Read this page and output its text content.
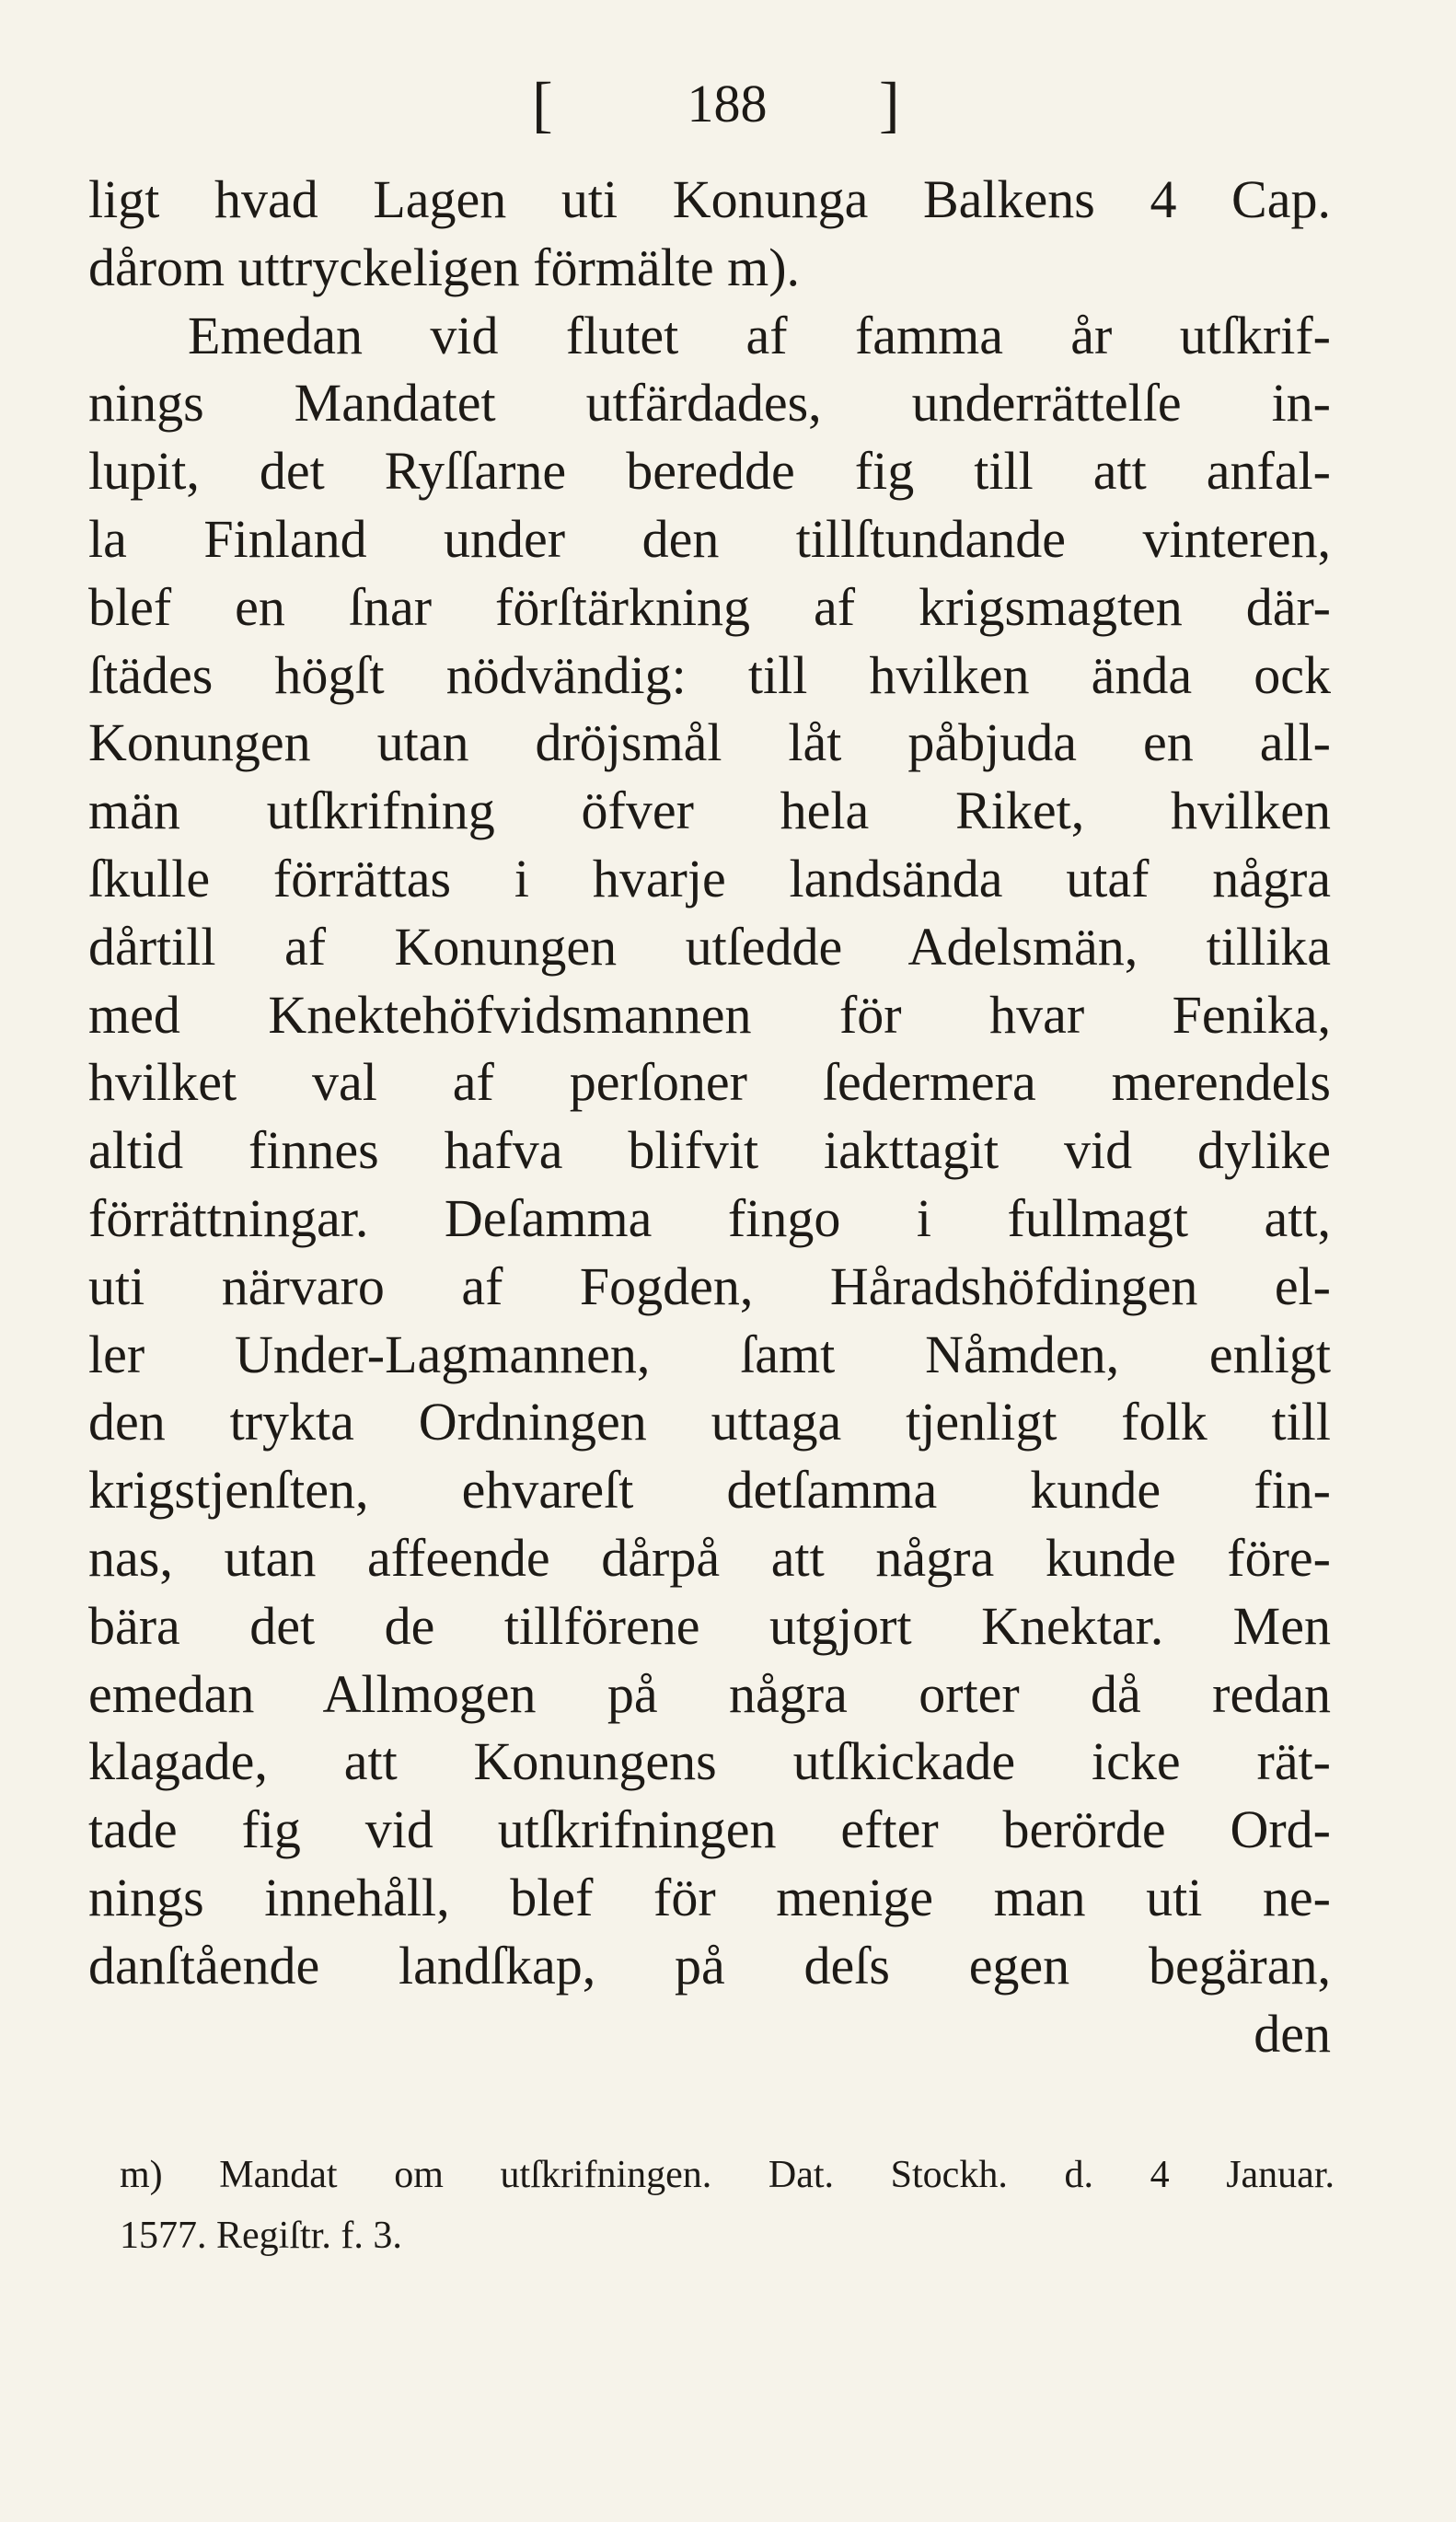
[	188	]
ligt hvad Lagen uti Konunga Balkens 4 Cap.
dårom uttryckeligen förmälte m).
Emedan vid flutet af famma år utſkrif-
nings Mandatet utfärdades, underrättelſe in-
lupit, det Ryſſarne beredde fig till att anfal-
la Finland under den tillſtundande vinteren,
blef en ſnar förſtärkning af krigsmagten där-
ſtädes högſt nödvändig: till hvilken ända ock
Konungen utan dröjsmål låt påbjuda en all-
män utſkrifning öfver hela Riket, hvilken
ſkulle förrättas i hvarje landsända utaf några
dårtill af Konungen utſedde Adelsmän, tillika
med Knektehöfvidsmannen för hvar Fenika,
hvilket val af perſoner ſedermera merendels
altid finnes hafva blifvit iakttagit vid dylike
förrättningar. Deſamma fingo i fullmagt att,
uti närvaro af Fogden, Håradshöfdingen el-
ler Under-Lagmannen, ſamt Nåmden, enligt
den trykta Ordningen uttaga tjenligt folk till
krigstjenſten, ehvareſt detſamma kunde fin-
nas, utan affeende dårpå att några kunde före-
bära det de tillförene utgjort Knektar. Men
emedan Allmogen på några orter då redan
klagade, att Konungens utſkickade icke rät-
tade fig vid utſkrifningen efter berörde Ord-
nings innehåll, blef för menige man uti ne-
danſtående landſkap, på deſs egen begäran,
den
m) Mandat om utſkrifningen. Dat. Stockh. d. 4 Januar.
1577. Regiſtr. f. 3.
